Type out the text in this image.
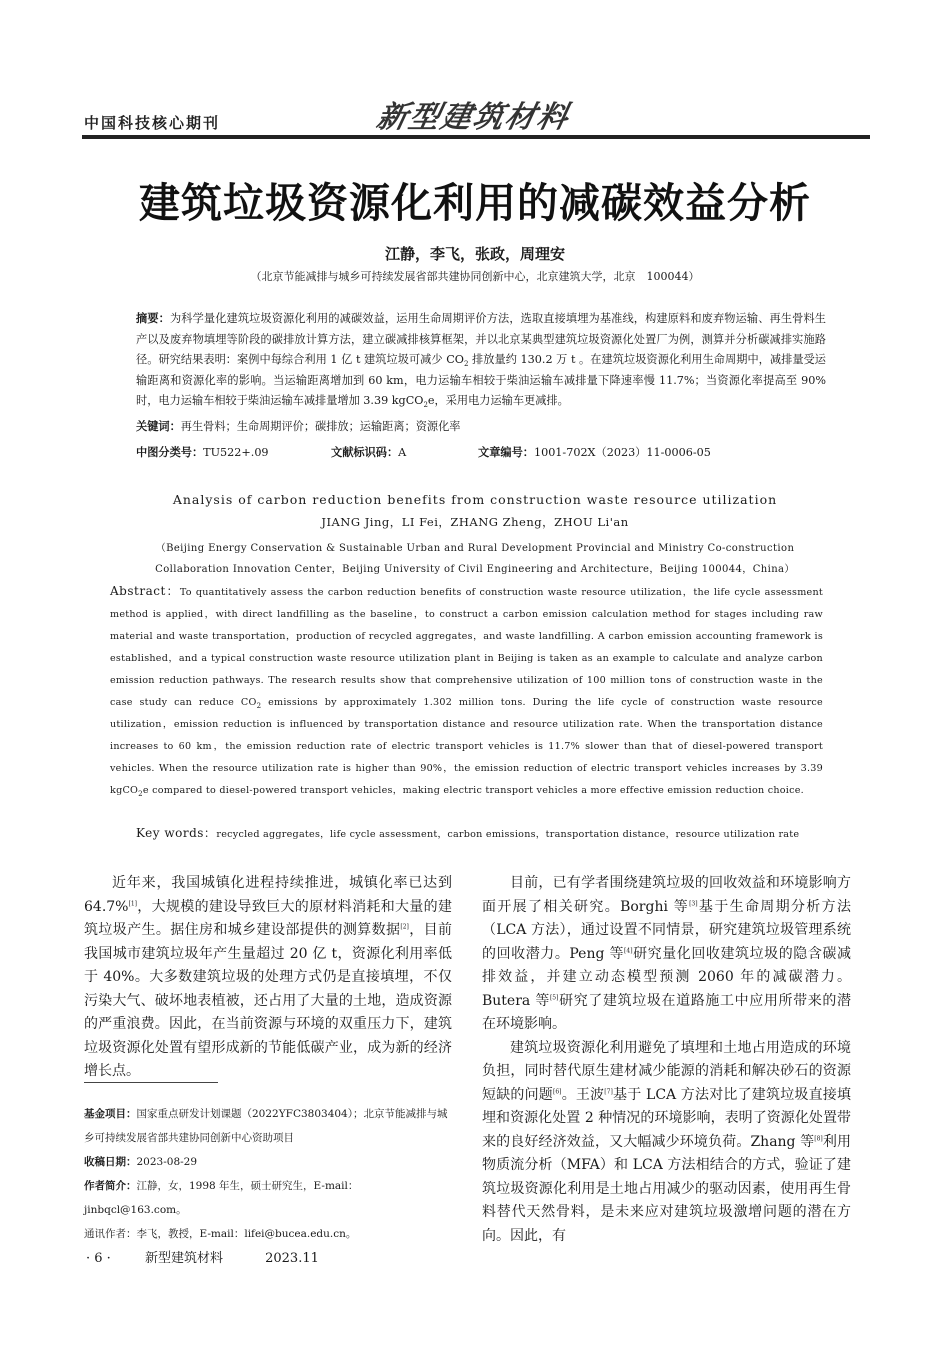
中国科技核心期刊	新型建筑材料
建筑垃圾资源化利用的减碳效益分析
江静，李飞，张政，周理安
（北京节能减排与城乡可持续发展省部共建协同创新中心，北京建筑大学，北京　100044）
摘要：为科学量化建筑垃圾资源化利用的减碳效益，运用生命周期评价方法，选取直接填埋为基准线，构建原料和废弃物运输、再生骨料生产以及废弃物填埋等阶段的碳排放计算方法，建立碳减排核算框架，并以北京某典型建筑垃圾资源化处置厂为例，测算并分析碳减排实施路径。研究结果表明：案例中每综合利用 1 亿 t 建筑垃圾可减少 $CO_2$ 排放量约 130.2 万 t 。在建筑垃圾资源化利用生命周期中，减排量受运输距离和资源化率的影响。当运输距离增加到 60 km，电力运输车相较于柴油运输车减排量下降速率慢 11.7%；当资源化率提高至 90%时，电力运输车相较于柴油运输车减排量增加 3.39 kgCO$_2$e，采用电力运输车更减排。
关键词：再生骨料；生命周期评价；碳排放；运输距离；资源化率
中图分类号：TU522+.09	文献标识码：A	文章编号：1001-702X（2023）11-0006-05
Analysis of carbon reduction benefits from construction waste resource utilization
JIANG Jing，LI Fei，ZHANG Zheng，ZHOU Li'an
（Beijing Energy Conservation & Sustainable Urban and Rural Development Provincial and Ministry Co-construction Collaboration Innovation Center，Beijing University of Civil Engineering and Architecture，Beijing 100044，China）
Abstract：To quantitatively assess the carbon reduction benefits of construction waste resource utilization，the life cycle assessment method is applied，with direct landfilling as the baseline，to construct a carbon emission calculation method for stages including raw material and waste transportation，production of recycled aggregates，and waste landfilling. A carbon emission accounting framework is established，and a typical construction waste resource utilization plant in Beijing is taken as an example to calculate and analyze carbon emission reduction pathways. The research results show that comprehensive utilization of 100 million tons of construction waste in the case study can reduce $CO_2$ emissions by approximately 1.302 million tons. During the life cycle of construction waste resource utilization，emission reduction is influenced by transportation distance and resource utilization rate. When the transportation distance increases to 60 km，the emission reduction rate of electric transport vehicles is 11.7% slower than that of diesel-powered transport vehicles. When the resource utilization rate is higher than 90%，the emission reduction of electric transport vehicles increases by 3.39 kgCO$_2$e compared to diesel-powered transport vehicles，making electric transport vehicles a more effective emission reduction choice.
Key words：recycled aggregates，life cycle assessment，carbon emissions，transportation distance，resource utilization rate

近年来，我国城镇化进程持续推进，城镇化率已达到 64.7%[1]，大规模的建设导致巨大的原材料消耗和大量的建筑垃圾产生。据住房和城乡建设部提供的测算数据[2]，目前我国城市建筑垃圾年产生量超过 20 亿 t，资源化利用率低于 40%。大多数建筑垃圾的处理方式仍是直接填埋，不仅污染大气、破坏地表植被，还占用了大量的土地，造成资源的严重浪费。因此，在当前资源与环境的双重压力下，建筑垃圾资源化处置有望形成新的节能低碳产业，成为新的经济增长点。

基金项目：国家重点研发计划课题（2022YFC3803404）；北京节能减排与城乡可持续发展省部共建协同创新中心资助项目
收稿日期：2023-08-29
作者简介：江静，女，1998 年生，硕士研究生，E-mail：jinbqcl@163.com。
通讯作者：李飞，教授，E-mail：lifei@bucea.edu.cn。

目前，已有学者围绕建筑垃圾的回收效益和环境影响方面开展了相关研究。Borghi 等[3]基于生命周期分析方法（LCA 方法），通过设置不同情景，研究建筑垃圾管理系统的回收潜力。Peng 等[4]研究量化回收建筑垃圾的隐含碳减排效益，并建立动态模型预测 2060 年的减碳潜力。Butera 等[5]研究了建筑垃圾在道路施工中应用所带来的潜在环境影响。

建筑垃圾资源化利用避免了填埋和土地占用造成的环境负担，同时替代原生建材减少能源的消耗和解决砂石的资源短缺的问题[6]。王波[7]基于 LCA 方法对比了建筑垃圾直接填埋和资源化处置 2 种情况的环境影响，表明了资源化处置带来的良好经济效益，又大幅减少环境负荷。Zhang 等[8]利用物质流分析（MFA）和 LCA 方法相结合的方式，验证了建筑垃圾资源化利用是土地占用减少的驱动因素，使用再生骨料替代天然骨料，是未来应对建筑垃圾激增问题的潜在方向。因此，有

· 6 ·	新型建筑材料	2023.11
